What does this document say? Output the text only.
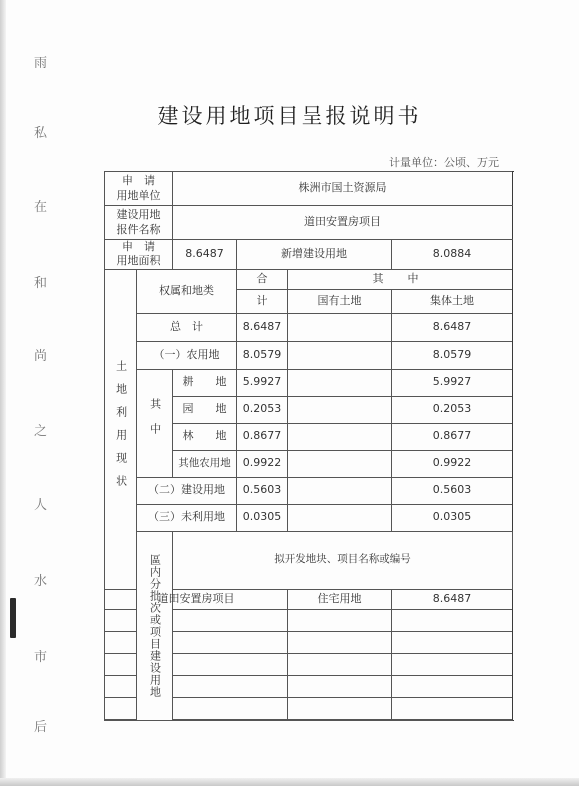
雨
私
在
和
尚
之
人
水
市
后
建设用地项目呈报说明书
计量单位：公顷、万元
申　请
用地单位		株洲市国土资源局				
建设用地
报件名称		道田安置房项目				
申　请
用地面积		8.6487	新增建设用地		8.0884	
土地利用现状	权属和地类		合	其	中	
			计	国有土地	集体土地	
	总　计		8.6487		8.6487	
	（一）农用地		8.0579		8.0579	
	其中	耕　　地	5.9927		5.9927	
		园　　地	0.2053		0.2053	
		林　　地	0.8677		0.8677	
		其他农用地	0.9922		0.9922	
	（二）建设用地		0.5603		0.5603	
	（三）未利用地		0.0305		0.0305	
	區内分批次或项目建设用地	拟开发地块、项目名称或编号		
道田安置房项目				住宅用地	8.6487	
